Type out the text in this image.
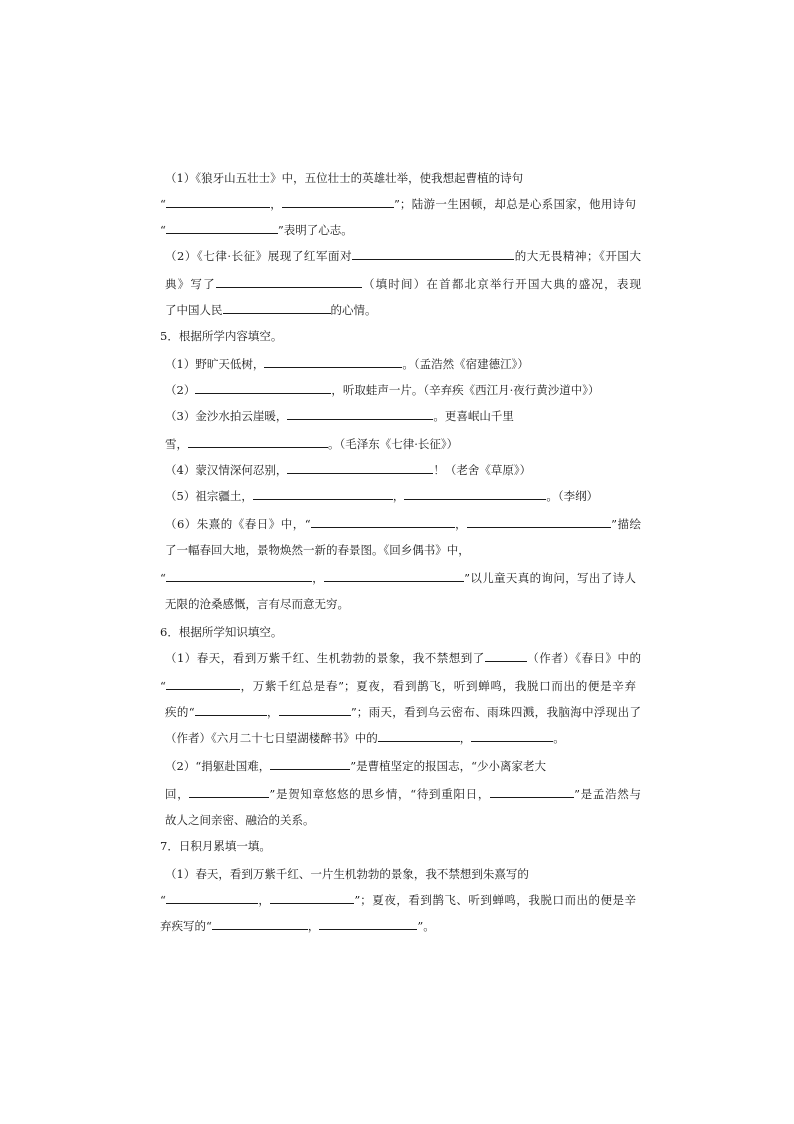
（1）《狼牙山五壮士》中，五位壮士的英雄壮举，使我想起曹植的诗句
“	，	”；陆游一生困顿，却总是心系国家，他用诗句
“	”表明了心志。
（2）《七律·长征》展现了红军面对	的大无畏精神；《开国大
典》写了	（填时间）在首都北京举行开国大典的盛况，表现
了中国人民	的心情。
5．根据所学内容填空。
（1）野旷天低树，	。（孟浩然《宿建德江》）
（2）	，听取蛙声一片。（辛弃疾《西江月·夜行黄沙道中》）
（3）金沙水拍云崖暖，	。更喜岷山千里
雪，	。（毛泽东《七律·长征》）
（4）蒙汉情深何忍别，	！（老舍《草原》）
（5）祖宗疆土，	，	。（李纲）
（6）朱熹的《春日》中，“	，	”描绘
了一幅春回大地，景物焕然一新的春景图。《回乡偶书》中，
“	，	”以儿童天真的询问，写出了诗人
无限的沧桑感慨，言有尽而意无穷。
6．根据所学知识填空。
（1）春天，看到万紫千红、生机勃勃的景象，我不禁想到了	（作者）《春日》中的
“	，万紫千红总是春”；夏夜，看到鹊飞，听到蝉鸣，我脱口而出的便是辛弃
疾的“	，	”；雨天，看到乌云密布、雨珠四溅，我脑海中浮现出了
（作者）《六月二十七日望湖楼醉书》中的	，	。
（2）“捐躯赴国难，	”是曹植坚定的报国志，“少小离家老大
回，	”是贺知章悠悠的思乡情，“待到重阳日，	”是孟浩然与
故人之间亲密、融洽的关系。
7．日积月累填一填。
（1）春天，看到万紫千红、一片生机勃勃的景象，我不禁想到朱熹写的
“	，	”；夏夜，看到鹊飞、听到蝉鸣，我脱口而出的便是辛
弃疾写的“	，	”。
